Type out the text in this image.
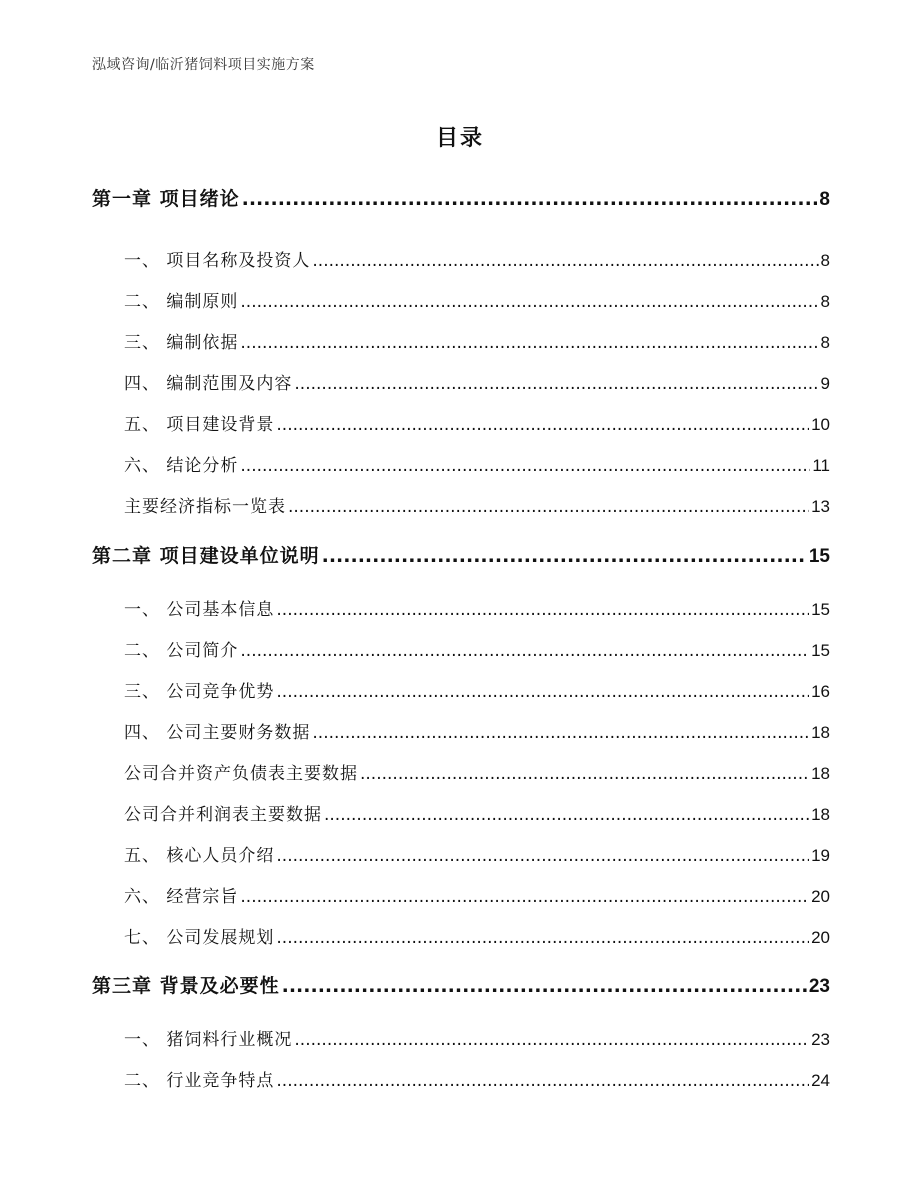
泓域咨询/临沂猪饲料项目实施方案
目录
第一章 项目绪论 .....	8
一、 项目名称及投资人 .....	8
二、 编制原则 .....	8
三、 编制依据 .....	8
四、 编制范围及内容 .....	9
五、 项目建设背景 .....	10
六、 结论分析 .....	11
主要经济指标一览表 .....	13
第二章 项目建设单位说明 .....	15
一、 公司基本信息 .....	15
二、 公司简介 .....	15
三、 公司竞争优势 .....	16
四、 公司主要财务数据 .....	18
公司合并资产负债表主要数据 .....	18
公司合并利润表主要数据 .....	18
五、 核心人员介绍 .....	19
六、 经营宗旨 .....	20
七、 公司发展规划 .....	20
第三章 背景及必要性 .....	23
一、 猪饲料行业概况 .....	23
二、 行业竞争特点 .....	24
